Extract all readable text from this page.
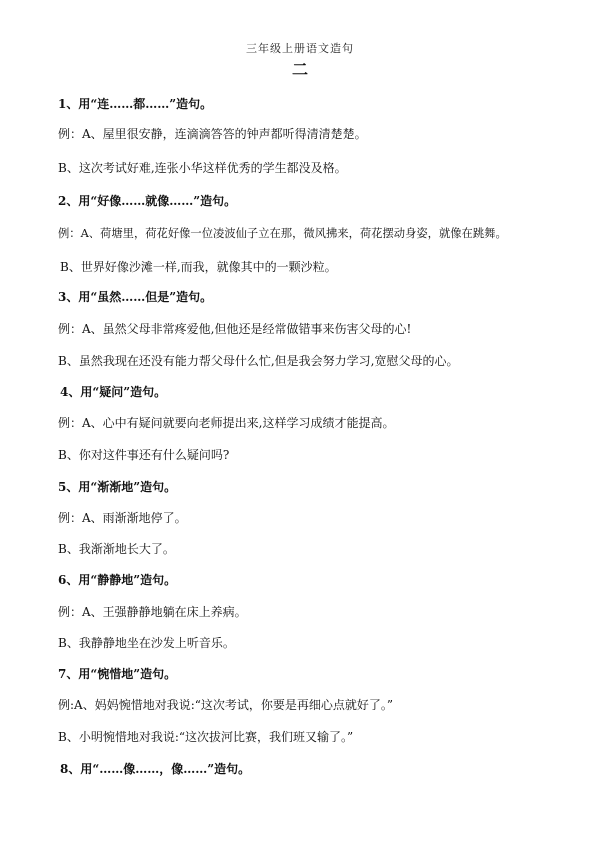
三年级上册语文造句
二
1、用“连……都……”造句。
例：A、屋里很安静，连滴滴答答的钟声都听得清清楚楚。
B、这次考试好难,连张小华这样优秀的学生都没及格。
2、用“好像……就像……”造句。
例：A、荷塘里，荷花好像一位凌波仙子立在那，微风拂来，荷花摆动身姿，就像在跳舞。
B、世界好像沙滩一样,而我，就像其中的一颗沙粒。
3、用“虽然……但是”造句。
例：A、虽然父母非常疼爱他,但他还是经常做错事来伤害父母的心!
B、虽然我现在还没有能力帮父母什么忙,但是我会努力学习,宽慰父母的心。
4、用“疑问”造句。
例：A、心中有疑问就要向老师提出来,这样学习成绩才能提高。
B、你对这件事还有什么疑问吗?
5、用“渐渐地”造句。
例：A、雨渐渐地停了。
B、我渐渐地长大了。
6、用“静静地”造句。
例：A、王强静静地躺在床上养病。
B、我静静地坐在沙发上听音乐。
7、用“惋惜地”造句。
例:A、妈妈惋惜地对我说:“这次考试，你要是再细心点就好了。”
B、小明惋惜地对我说:“这次拔河比赛，我们班又输了。”
8、用“……像……，像……”造句。
